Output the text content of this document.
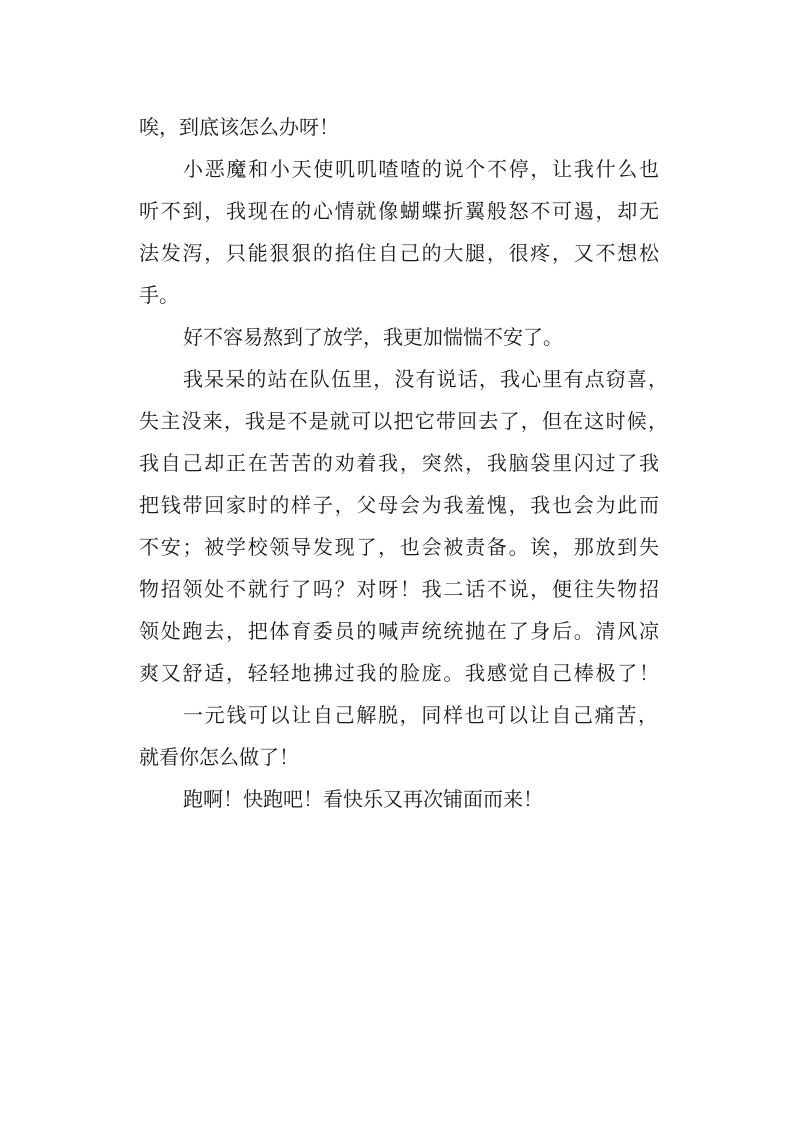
唉，到底该怎么办呀！
小恶魔和小天使叽叽喳喳的说个不停，让我什么也
听不到，我现在的心情就像蝴蝶折翼般怒不可遏，却无
法发泻，只能狠狠的掐住自己的大腿，很疼，又不想松
手。
好不容易熬到了放学，我更加惴惴不安了。
我呆呆的站在队伍里，没有说话，我心里有点窃喜，
失主没来，我是不是就可以把它带回去了，但在这时候，
我自己却正在苦苦的劝着我，突然，我脑袋里闪过了我
把钱带回家时的样子，父母会为我羞愧，我也会为此而
不安；被学校领导发现了，也会被责备。诶，那放到失
物招领处不就行了吗？对呀！我二话不说，便往失物招
领处跑去，把体育委员的喊声统统抛在了身后。清风凉
爽又舒适，轻轻地拂过我的脸庞。我感觉自己棒极了！
一元钱可以让自己解脱，同样也可以让自己痛苦，
就看你怎么做了！
跑啊！快跑吧！看快乐又再次铺面而来！
